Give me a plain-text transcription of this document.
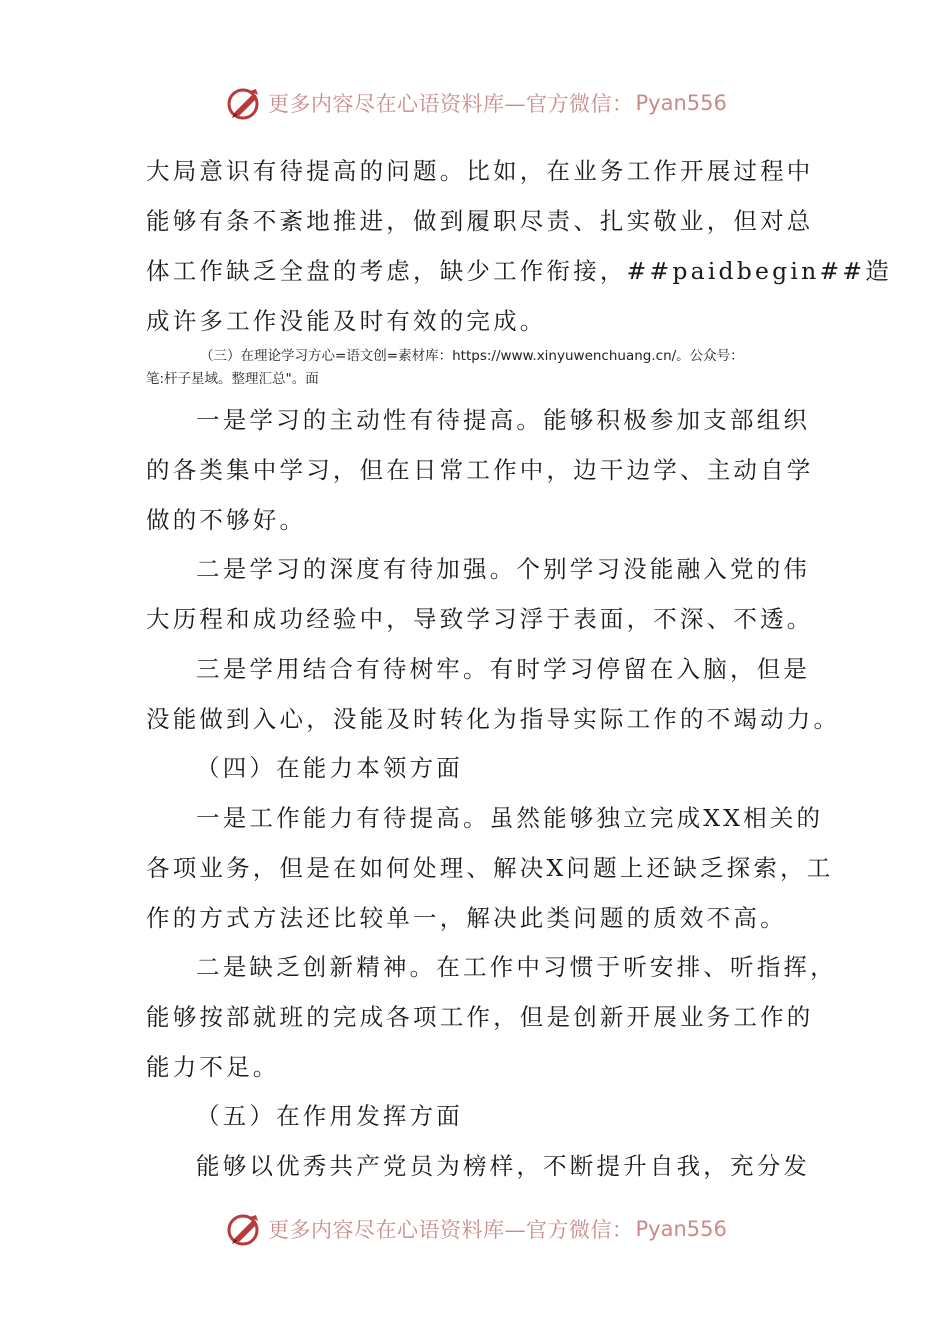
更多内容尽在心语资料库—官方微信： Pyan556
大局意识有待提高的问题。比如，在业务工作开展过程中
能够有条不紊地推进，做到履职尽责、扎实敬业，但对总
体工作缺乏全盘的考虑，缺少工作衔接，##paidbegin##造
成许多工作没能及时有效的完成。
（三）在理论学习方心=语文创=素材库：https://www.xinyuwenchuang.cn/。公众号：
笔:杆子星域。整理汇总"。面
一是学习的主动性有待提高。能够积极参加支部组织
的各类集中学习，但在日常工作中，边干边学、主动自学
做的不够好。
二是学习的深度有待加强。个别学习没能融入党的伟
大历程和成功经验中，导致学习浮于表面，不深、不透。
三是学用结合有待树牢。有时学习停留在入脑，但是
没能做到入心，没能及时转化为指导实际工作的不竭动力。
（四）在能力本领方面
一是工作能力有待提高。虽然能够独立完成XX相关的
各项业务，但是在如何处理、解决X问题上还缺乏探索，工
作的方式方法还比较单一，解决此类问题的质效不高。
二是缺乏创新精神。在工作中习惯于听安排、听指挥，
能够按部就班的完成各项工作，但是创新开展业务工作的
能力不足。
（五）在作用发挥方面
能够以优秀共产党员为榜样，不断提升自我，充分发
更多内容尽在心语资料库—官方微信： Pyan556
